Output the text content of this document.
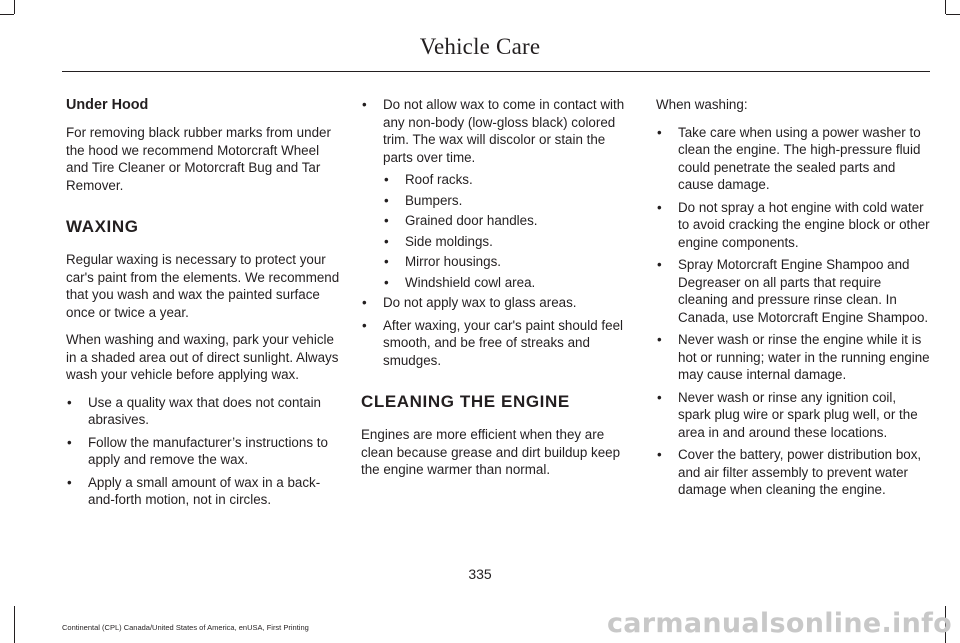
Vehicle Care
Under Hood

For removing black rubber marks from under the hood we recommend Motorcraft Wheel and Tire Cleaner or Motorcraft Bug and Tar Remover.

WAXING

Regular waxing is necessary to protect your car's paint from the elements. We recommend that you wash and wax the painted surface once or twice a year.

When washing and waxing, park your vehicle in a shaded area out of direct sunlight. Always wash your vehicle before applying wax.

• Use a quality wax that does not contain abrasives.
• Follow the manufacturer’s instructions to apply and remove the wax.
• Apply a small amount of wax in a back-and-forth motion, not in circles.
• Do not allow wax to come in contact with any non-body (low-gloss black) colored trim. The wax will discolor or stain the parts over time.
• Roof racks.
• Bumpers.
• Grained door handles.
• Side moldings.
• Mirror housings.
• Windshield cowl area.
• Do not apply wax to glass areas.
• After waxing, your car's paint should feel smooth, and be free of streaks and smudges.
CLEANING THE ENGINE

Engines are more efficient when they are clean because grease and dirt buildup keep the engine warmer than normal.

When washing:

• Take care when using a power washer to clean the engine. The high-pressure fluid could penetrate the sealed parts and cause damage.
• Do not spray a hot engine with cold water to avoid cracking the engine block or other engine components.
• Spray Motorcraft Engine Shampoo and Degreaser on all parts that require cleaning and pressure rinse clean. In Canada, use Motorcraft Engine Shampoo.
• Never wash or rinse the engine while it is hot or running; water in the running engine may cause internal damage.
• Never wash or rinse any ignition coil, spark plug wire or spark plug well, or the area in and around these locations.
• Cover the battery, power distribution box, and air filter assembly to prevent water damage when cleaning the engine.
335
Continental (CPL) Canada/United States of America, enUSA, First Printing	carmanualsonline.info
